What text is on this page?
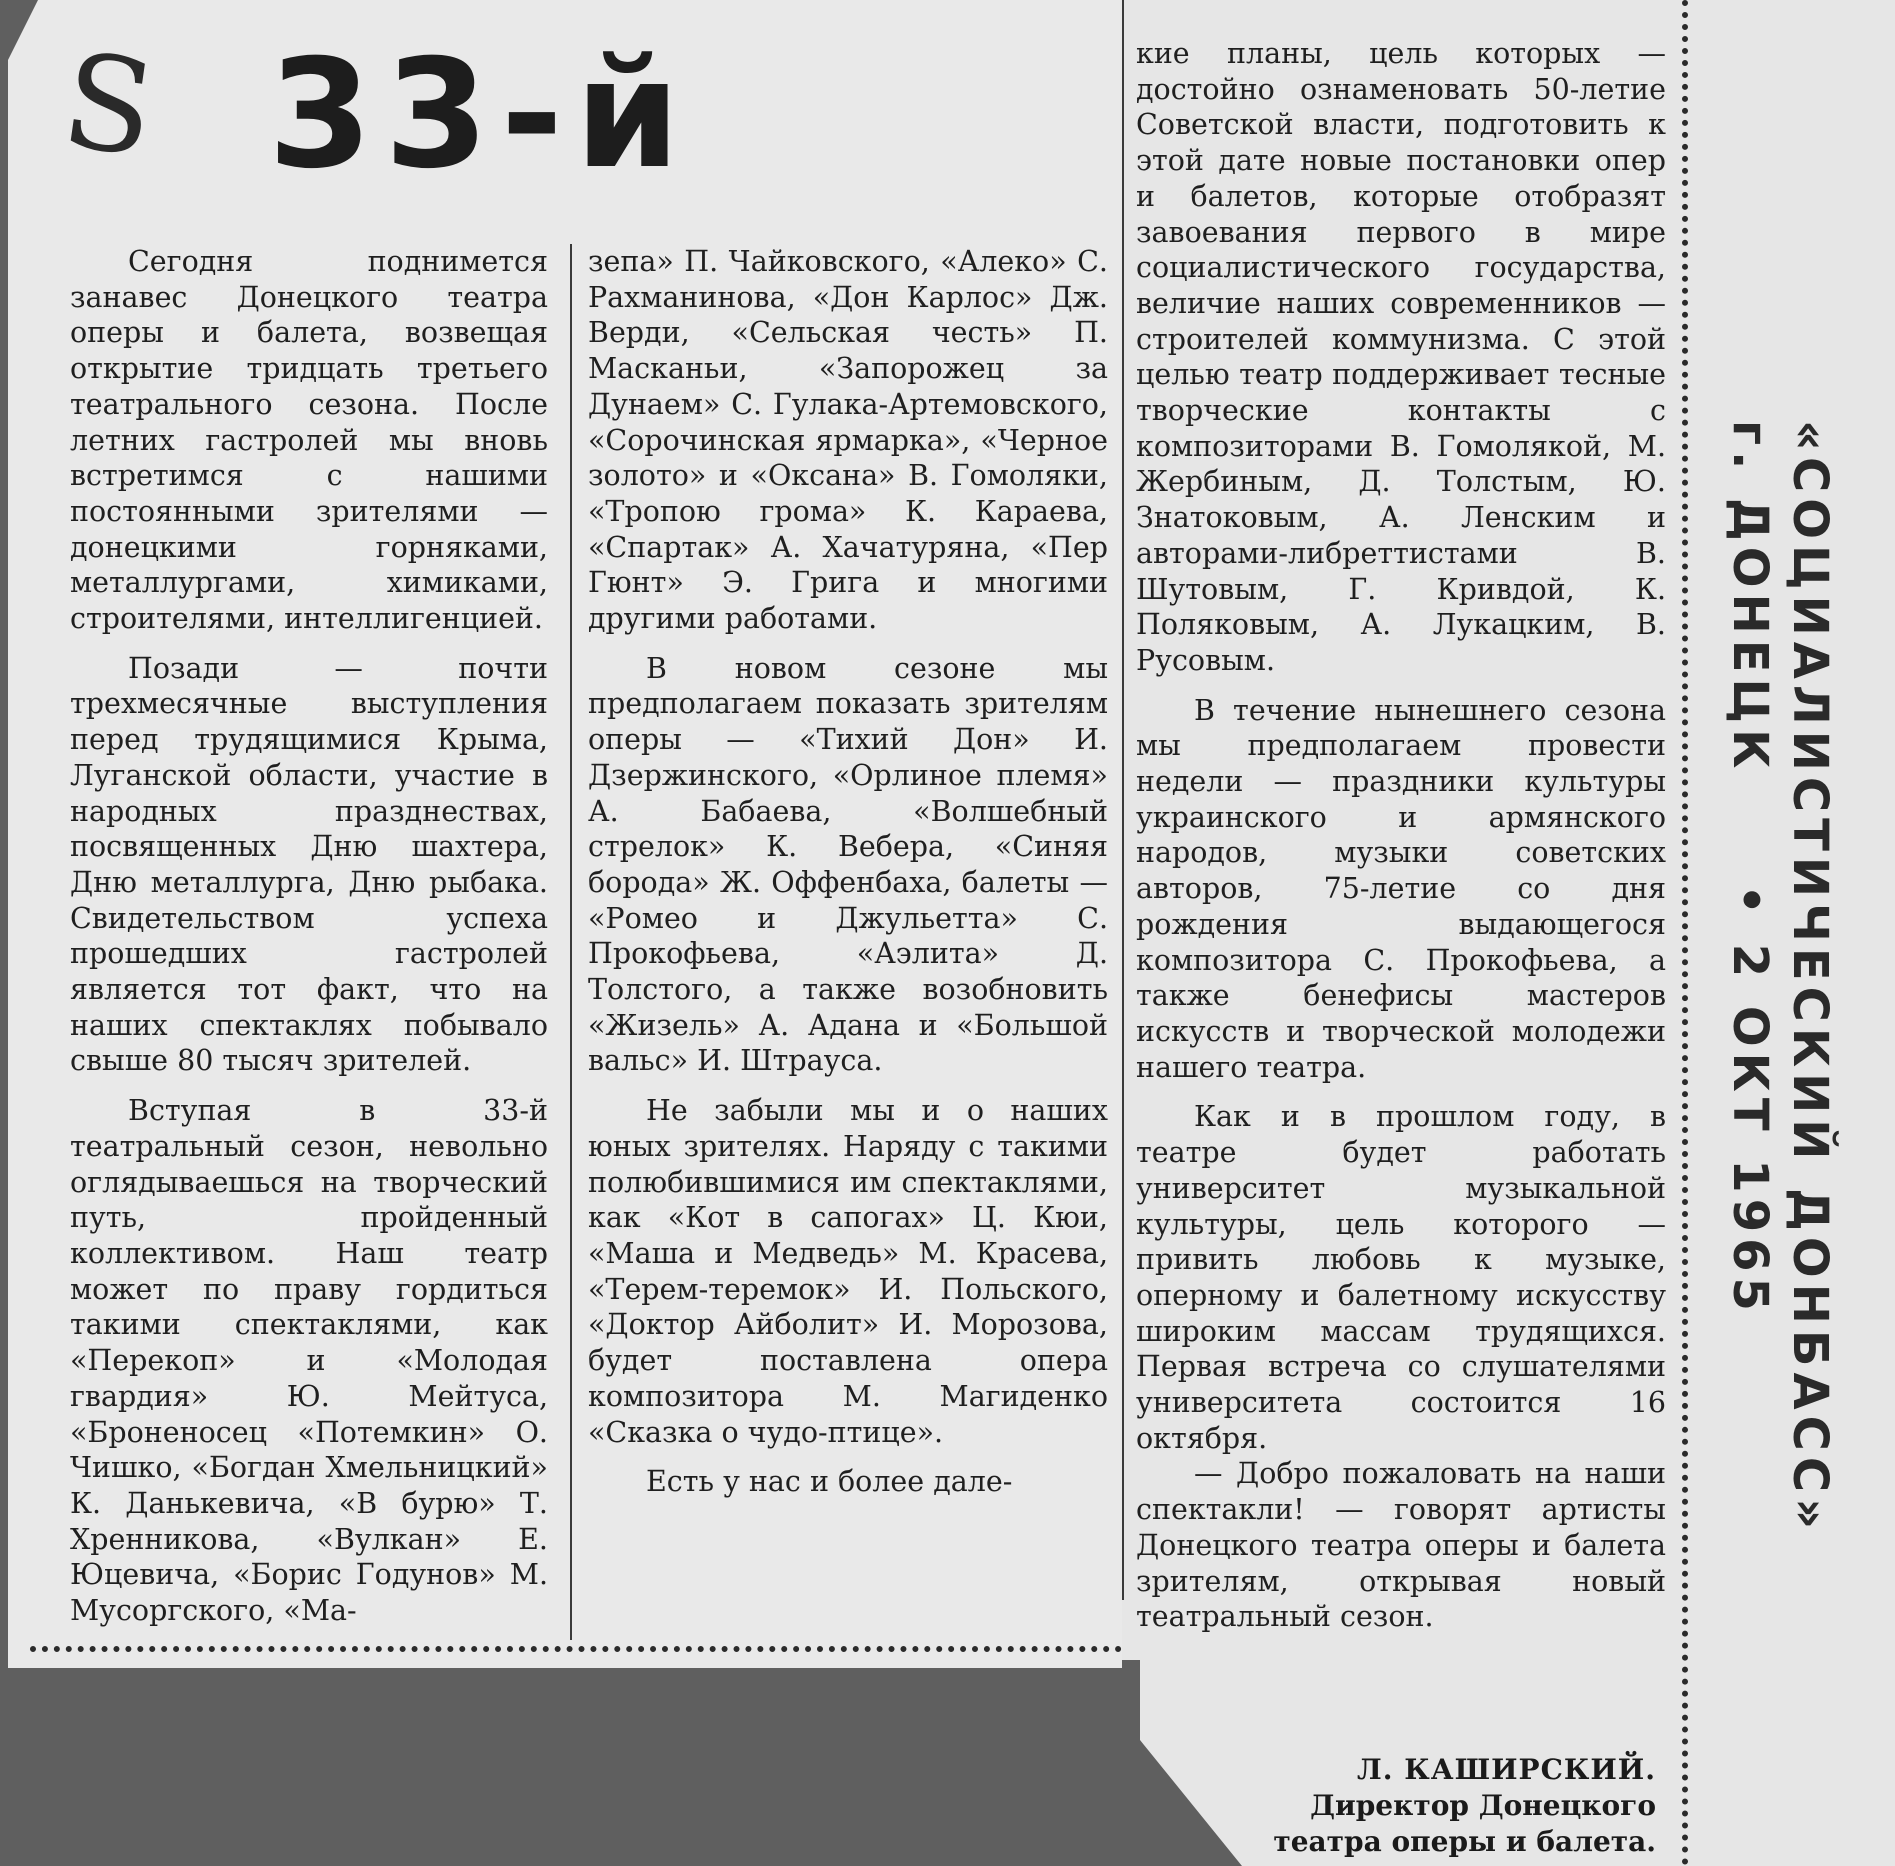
S 33-й

Сегодня поднимется занавес Донецкого театра оперы и балета, возвещая открытие тридцать третьего театрального сезона. После летних гастролей мы вновь встретимся с нашими постоянными зрителями — донецкими горняками, металлургами, химиками, строителями, интеллигенцией.

Позади — почти трехмесячные выступления перед трудящимися Крыма, Луганской области, участие в народных празднествах, посвященных Дню шахтера, Дню металлурга, Дню рыбака. Свидетельством успеха прошедших гастролей является тот факт, что на наших спектаклях побывало свыше 80 тысяч зрителей.

Вступая в 33-й театральный сезон, невольно оглядываешься на творческий путь, пройденный коллективом. Наш театр может по праву гордиться такими спектаклями, как «Перекоп» и «Молодая гвардия» Ю. Мейтуса, «Броненосец «Потемкин» О. Чишко, «Богдан Хмельницкий» К. Данькевича, «В бурю» Т. Хренникова, «Вулкан» Е. Юцевича, «Борис Годунов» М. Мусоргского, «Ма-

зепа» П. Чайковского, «Алеко» С. Рахманинова, «Дон Карлос» Дж. Верди, «Сельская честь» П. Масканьи, «Запорожец за Дунаем» С. Гулака-Артемовского, «Сорочинская ярмарка», «Черное золото» и «Оксана» В. Гомоляки, «Тропою грома» К. Караева, «Спартак» А. Хачатуряна, «Пер Гюнт» Э. Грига и многими другими работами.

В новом сезоне мы предполагаем показать зрителям оперы — «Тихий Дон» И. Дзержинского, «Орлиное племя» А. Бабаева, «Волшебный стрелок» К. Вебера, «Синяя борода» Ж. Оффенбаха, балеты — «Ромео и Джульетта» С. Прокофьева, «Аэлита» Д. Толстого, а также возобновить «Жизель» А. Адана и «Большой вальс» И. Штрауса.

Не забыли мы и о наших юных зрителях. Наряду с такими полюбившимися им спектаклями, как «Кот в сапогах» Ц. Кюи, «Маша и Медведь» М. Красева, «Терем-теремок» И. Польского, «Доктор Айболит» И. Морозова, будет поставлена опера композитора М. Магиденко «Сказка о чудо-птице».

Есть у нас и более дале-

кие планы, цель которых — достойно ознаменовать 50-летие Советской власти, подготовить к этой дате новые постановки опер и балетов, которые отобразят завоевания первого в мире социалистического государства, величие наших современников — строителей коммунизма. С этой целью театр поддерживает тесные творческие контакты с композиторами В. Гомолякой, М. Жербиным, Д. Толстым, Ю. Знатоковым, А. Ленским и авторами-либреттистами В. Шутовым, Г. Кривдой, К. Поляковым, А. Лукацким, В. Русовым.

В течение нынешнего сезона мы предполагаем провести недели — праздники культуры украинского и армянского народов, музыки советских авторов, 75-летие со дня рождения выдающегося композитора С. Прокофьева, а также бенефисы мастеров искусств и творческой молодежи нашего театра.

Как и в прошлом году, в театре будет работать университет музыкальной культуры, цель которого — привить любовь к музыке, оперному и балетному искусству широким массам трудящихся. Первая встреча со слушателями университета состоится 16 октября.

— Добро пожаловать на наши спектакли! — говорят артисты Донецкого театра оперы и балета зрителям, открывая новый театральный сезон.

Л. КАШИРСКИЙ.
Директор Донецкого
театра оперы и балета.
«СОЦИАЛИСТИЧЕСКИЙ ДОНБАСС»
г. ДОНЕЦК• 2 ОКТ 1965
